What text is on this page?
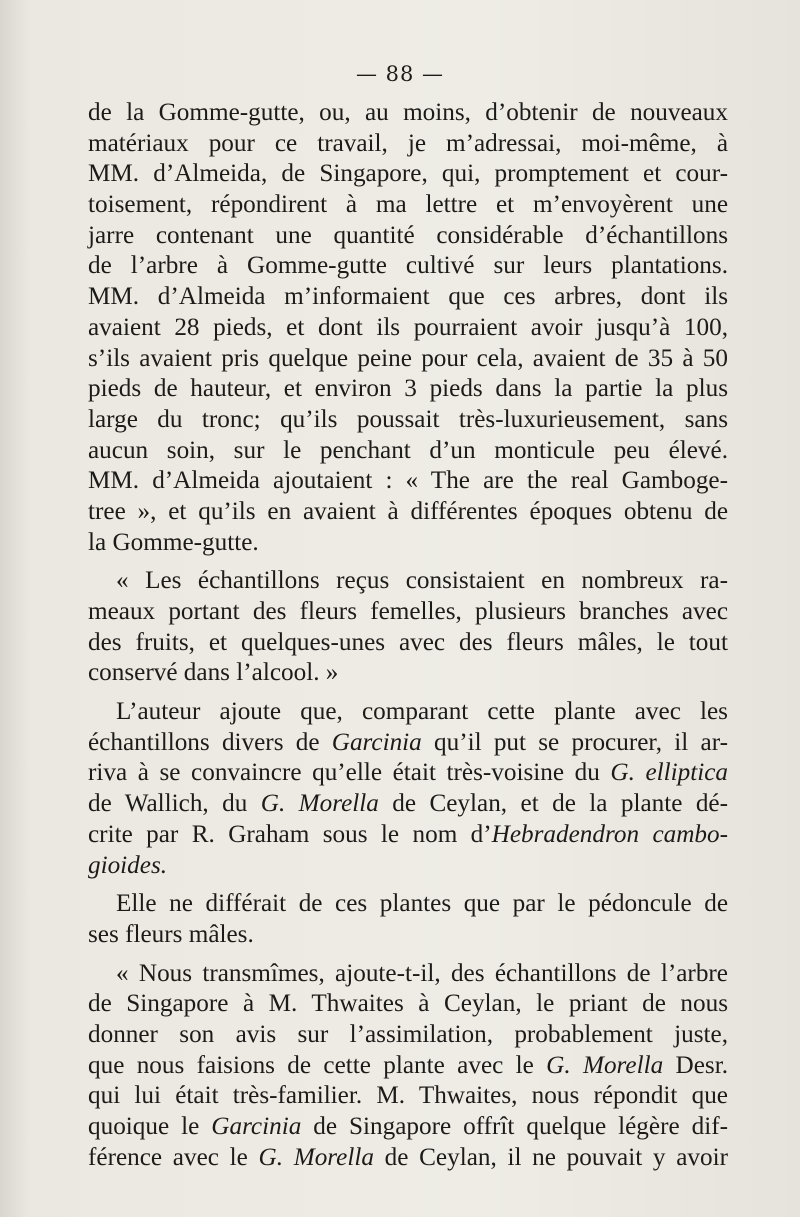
— 88 —
de la Gomme-gutte, ou, au moins, d’obtenir de nouveaux
matériaux pour ce travail, je m’adressai, moi-même, à
MM. d’Almeida, de Singapore, qui, promptement et cour-
toisement, répondirent à ma lettre et m’envoyèrent une
jarre contenant une quantité considérable d’échantillons
de l’arbre à Gomme-gutte cultivé sur leurs plantations.
MM. d’Almeida m’informaient que ces arbres, dont ils
avaient 28 pieds, et dont ils pourraient avoir jusqu’à 100,
s’ils avaient pris quelque peine pour cela, avaient de 35 à 50
pieds de hauteur, et environ 3 pieds dans la partie la plus
large du tronc; qu’ils poussait très-luxurieusement, sans
aucun soin, sur le penchant d’un monticule peu élevé.
MM. d’Almeida ajoutaient : « The are the real Gamboge-
tree », et qu’ils en avaient à différentes époques obtenu de
la Gomme-gutte.
« Les échantillons reçus consistaient en nombreux ra-
meaux portant des fleurs femelles, plusieurs branches avec
des fruits, et quelques-unes avec des fleurs mâles, le tout
conservé dans l’alcool. »
L’auteur ajoute que, comparant cette plante avec les
échantillons divers de Garcinia qu’il put se procurer, il ar-
riva à se convaincre qu’elle était très-voisine du G. elliptica
de Wallich, du G. Morella de Ceylan, et de la plante dé-
crite par R. Graham sous le nom d’Hebradendron cambo-
gioides.
Elle ne différait de ces plantes que par le pédoncule de
ses fleurs mâles.
« Nous transmîmes, ajoute-t-il, des échantillons de l’arbre
de Singapore à M. Thwaites à Ceylan, le priant de nous
donner son avis sur l’assimilation, probablement juste,
que nous faisions de cette plante avec le G. Morella Desr.
qui lui était très-familier. M. Thwaites, nous répondit que
quoique le Garcinia de Singapore offrît quelque légère dif-
férence avec le G. Morella de Ceylan, il ne pouvait y avoir
